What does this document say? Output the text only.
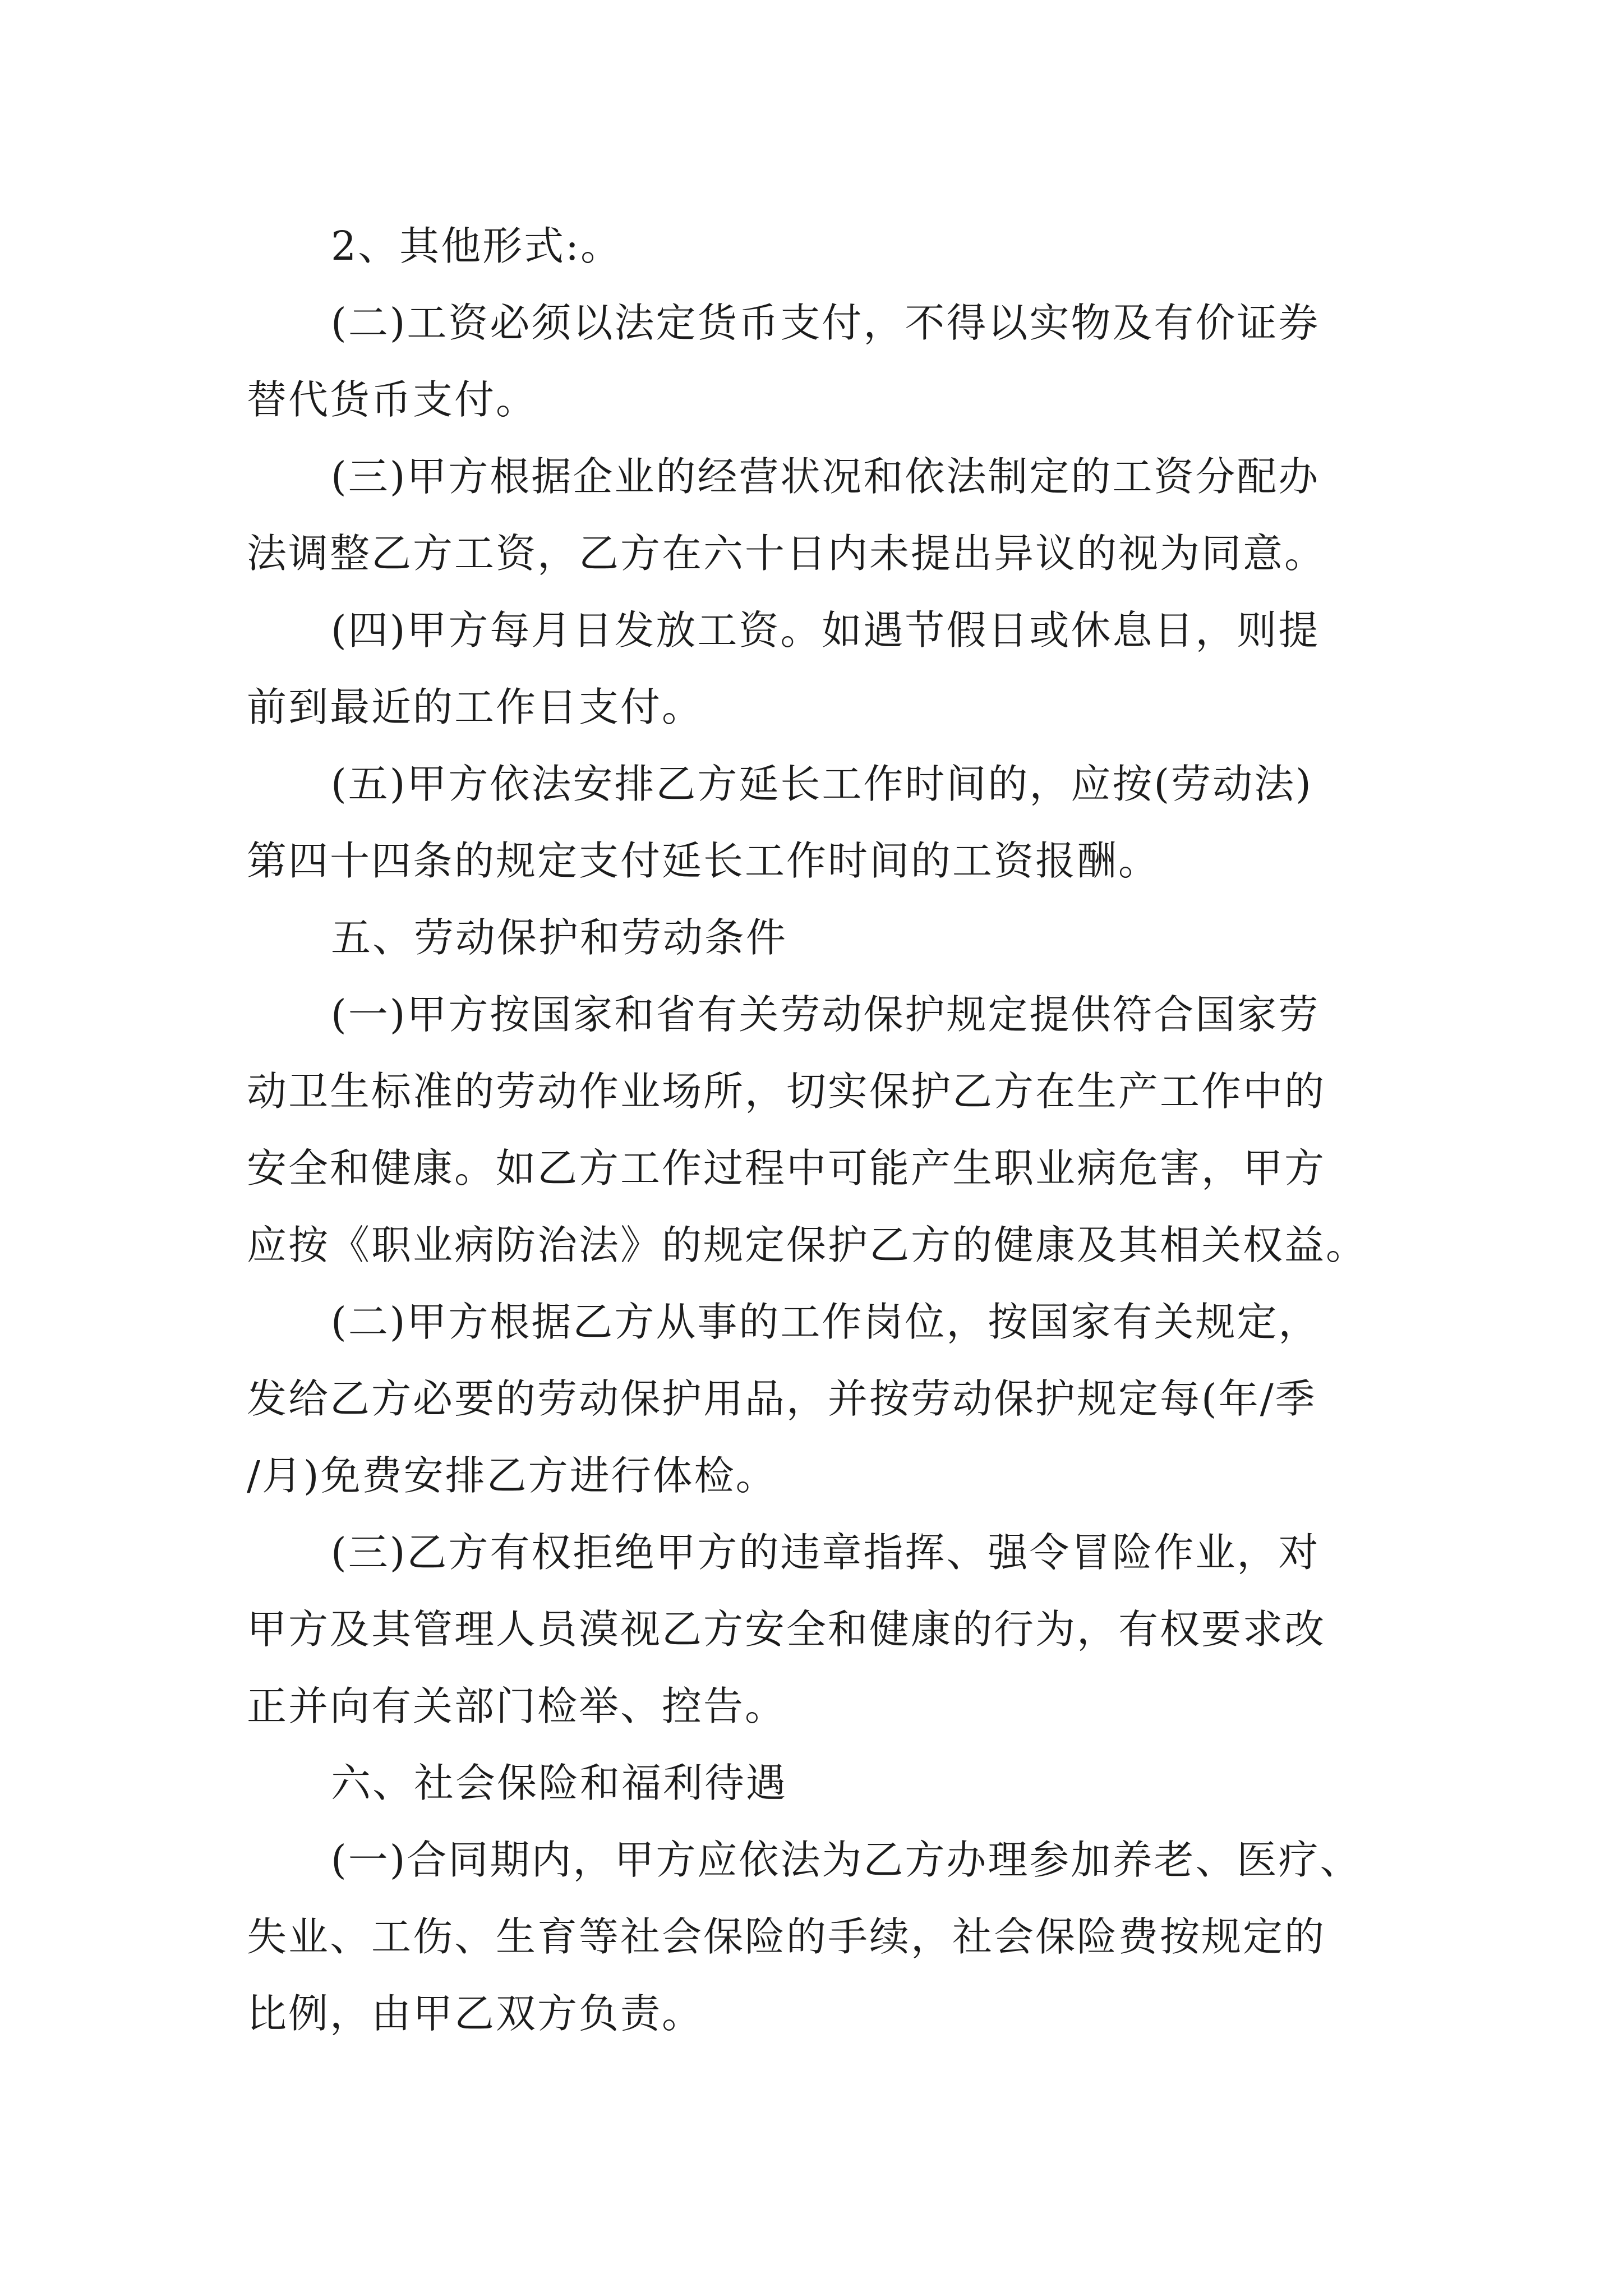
2、其他形式:。
(二)工资必须以法定货币支付，不得以实物及有价证券
替代货币支付。
(三)甲方根据企业的经营状况和依法制定的工资分配办
法调整乙方工资，乙方在六十日内未提出异议的视为同意。
(四)甲方每月日发放工资。如遇节假日或休息日，则提
前到最近的工作日支付。
(五)甲方依法安排乙方延长工作时间的，应按(劳动法)
第四十四条的规定支付延长工作时间的工资报酬。
五、劳动保护和劳动条件
(一)甲方按国家和省有关劳动保护规定提供符合国家劳
动卫生标准的劳动作业场所，切实保护乙方在生产工作中的
安全和健康。如乙方工作过程中可能产生职业病危害，甲方
应按《职业病防治法》的规定保护乙方的健康及其相关权益。
(二)甲方根据乙方从事的工作岗位，按国家有关规定，
发给乙方必要的劳动保护用品，并按劳动保护规定每(年/季
/月)免费安排乙方进行体检。
(三)乙方有权拒绝甲方的违章指挥、强令冒险作业，对
甲方及其管理人员漠视乙方安全和健康的行为，有权要求改
正并向有关部门检举、控告。
六、社会保险和福利待遇
(一)合同期内，甲方应依法为乙方办理参加养老、医疗、
失业、工伤、生育等社会保险的手续，社会保险费按规定的
比例，由甲乙双方负责。
